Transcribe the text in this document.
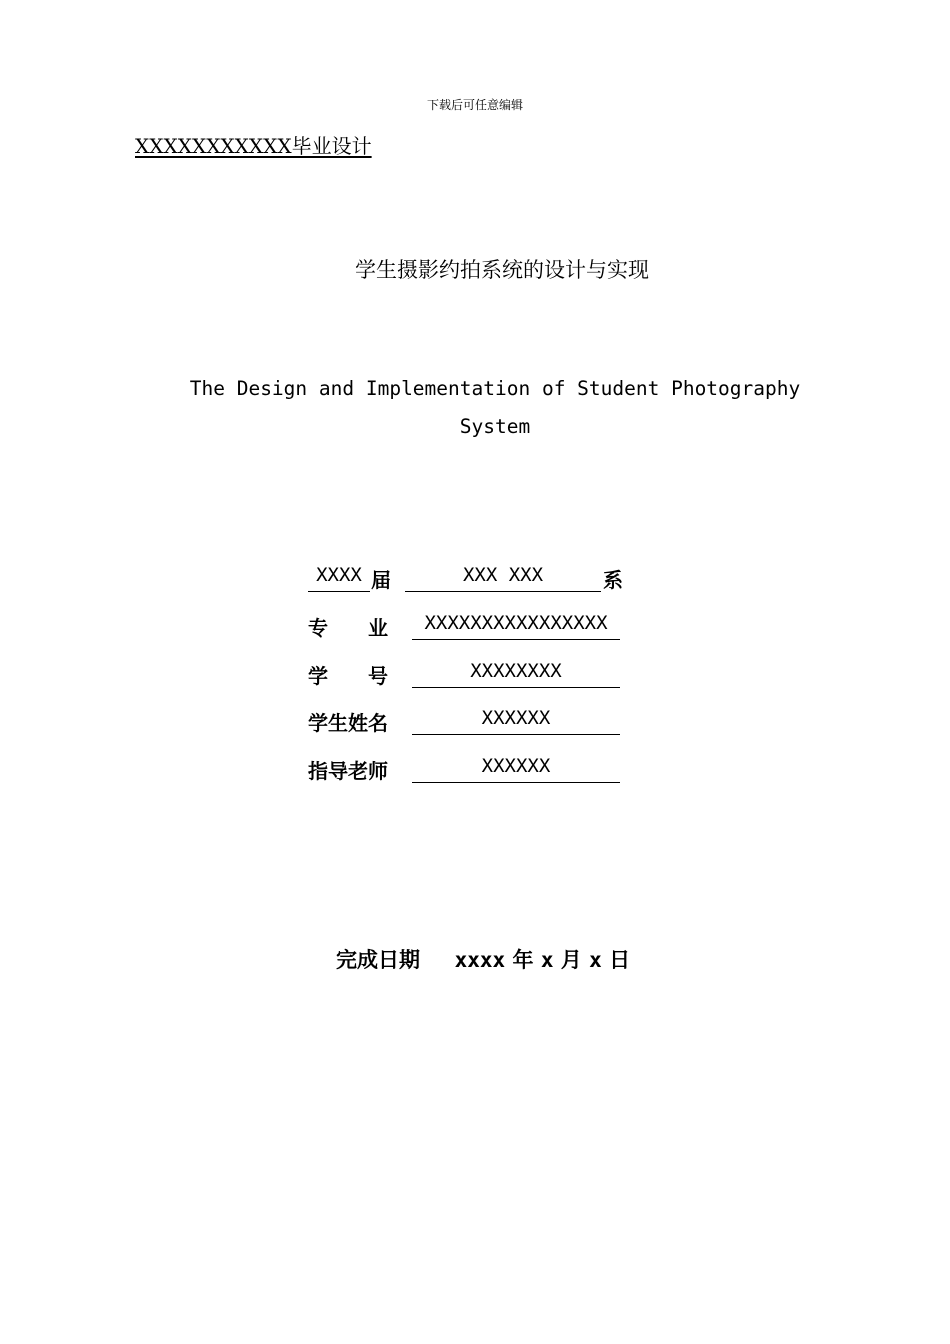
下载后可任意编辑
XXXXXXXXXXX毕业设计
学生摄影约拍系统的设计与实现
The Design and Implementation of Student Photography System
XXXX 届	XXX XXX	系
专　　业	XXXXXXXXXXXXXXXX
学　　号	XXXXXXXX
学生姓名	XXXXXX
指导老师	XXXXXX
完成日期 xxxx 年 x 月 x 日
